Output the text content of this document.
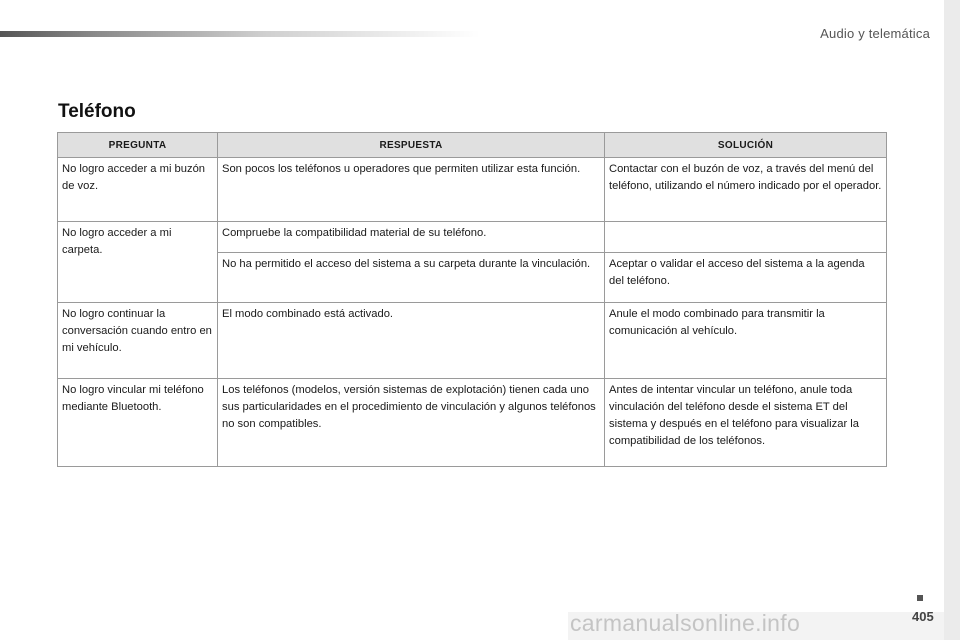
Audio y telemática
Teléfono
PREGUNTA	RESPUESTA	SOLUCIÓN
No logro acceder a mi buzón de voz.	Son pocos los teléfonos u operadores que permiten utilizar esta función.	Contactar con el buzón de voz, a través del menú del teléfono, utilizando el número indicado por el operador.
No logro acceder a mi carpeta.	Compruebe la compatibilidad material de su teléfono.	
	No ha permitido el acceso del sistema a su carpeta durante la vinculación.	Aceptar o validar el acceso del sistema a la agenda del teléfono.
No logro continuar la conversación cuando entro en mi vehículo.	El modo combinado está activado.	Anule el modo combinado para transmitir la comunicación al vehículo.
No logro vincular mi teléfono mediante Bluetooth.	Los teléfonos (modelos, versión sistemas de explotación) tienen cada uno sus particularidades en el procedimiento de vinculación y algunos teléfonos no son compatibles.	Antes de intentar vincular un teléfono, anule toda vinculación del teléfono desde el sistema ET del sistema y después en el teléfono para visualizar la compatibilidad de los teléfonos.
carmanualsonline.info	405
